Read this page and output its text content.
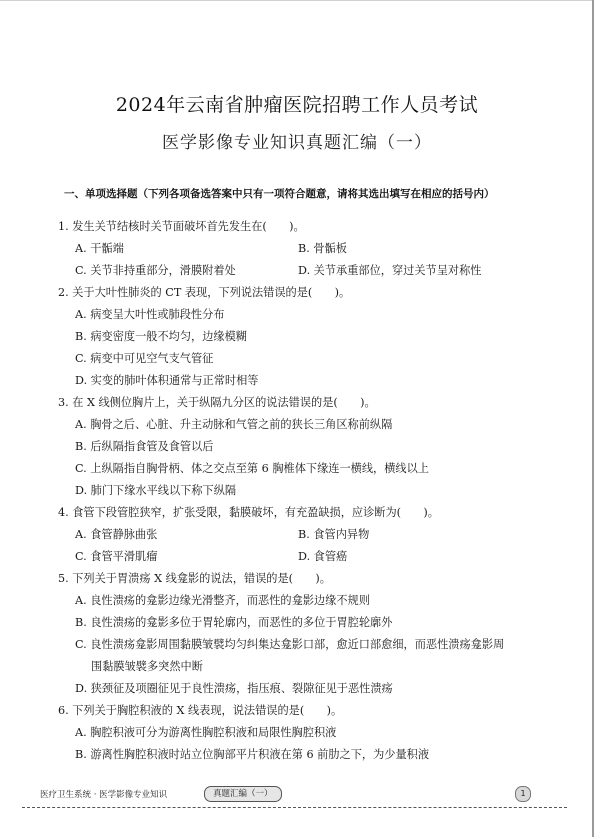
2024年云南省肿瘤医院招聘工作人员考试
医学影像专业知识真题汇编（一）
一、单项选择题（下列各项备选答案中只有一项符合题意，请将其选出填写在相应的括号内）
1. 发生关节结核时关节面破坏首先发生在(　　)。
A. 干骺端	B. 骨骺板
C. 关节非持重部分，滑膜附着处	D. 关节承重部位，穿过关节呈对称性
2. 关于大叶性肺炎的 CT 表现，下列说法错误的是(　　)。
A. 病变呈大叶性或肺段性分布
B. 病变密度一般不均匀，边缘模糊
C. 病变中可见空气支气管征
D. 实变的肺叶体积通常与正常时相等
3. 在 X 线侧位胸片上，关于纵隔九分区的说法错误的是(　　)。
A. 胸骨之后、心脏、升主动脉和气管之前的狭长三角区称前纵隔
B. 后纵隔指食管及食管以后
C. 上纵隔指自胸骨柄、体之交点至第 6 胸椎体下缘连一横线，横线以上
D. 肺门下缘水平线以下称下纵隔
4. 食管下段管腔狭窄，扩张受限，黏膜破坏，有充盈缺损，应诊断为(　　)。
A. 食管静脉曲张	B. 食管内异物
C. 食管平滑肌瘤	D. 食管癌
5. 下列关于胃溃疡 X 线龛影的说法，错误的是(　　)。
A. 良性溃疡的龛影边缘光滑整齐，而恶性的龛影边缘不规则
B. 良性溃疡的龛影多位于胃轮廓内，而恶性的多位于胃腔轮廓外
C. 良性溃疡龛影周围黏膜皱襞均匀纠集达龛影口部，愈近口部愈细，而恶性溃疡龛影周
围黏膜皱襞多突然中断
D. 狭颈征及项圈征见于良性溃疡，指压痕、裂隙征见于恶性溃疡
6. 下列关于胸腔积液的 X 线表现，说法错误的是(　　)。
A. 胸腔积液可分为游离性胸腔积液和局限性胸腔积液
B. 游离性胸腔积液时站立位胸部平片积液在第 6 前肋之下，为少量积液
医疗卫生系统 · 医学影像专业知识	真题汇编（一）	1
